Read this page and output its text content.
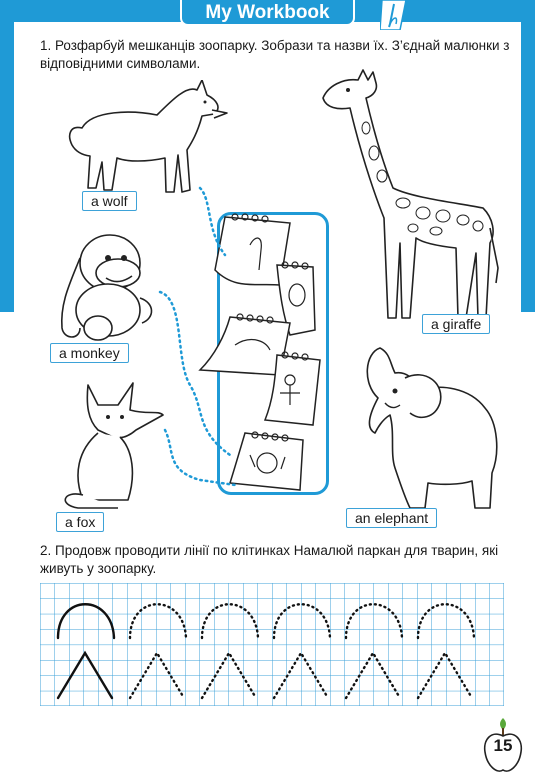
My Workbook
1. Розфарбуй мешканців зоопарку. Зобрази та назви їх. З’єднай малюнки з відповідними символами.
a wolf
a monkey
a fox
a giraffe
an elephant
2. Продовж проводити лінії по клітинках Намалюй паркан для тварин, які живуть у зоопарку.
15
